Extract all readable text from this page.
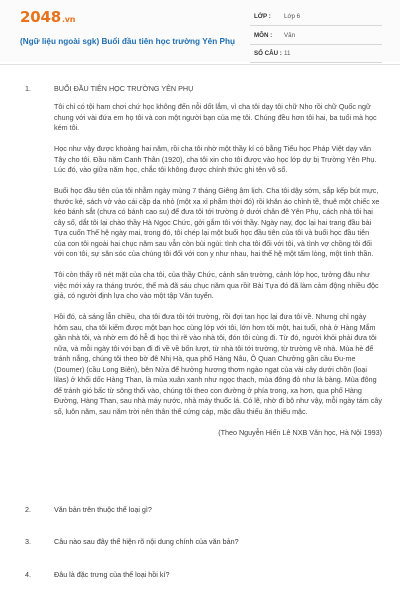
2048.vn
(Ngữ liệu ngoài sgk) Buổi đầu tiên học trường Yên Phụ
LỚP : Lớp 6
MÔN : Văn
SỐ CÂU : 11
1.	BUỔI ĐẦU TIÊN HỌC TRƯỜNG YÊN PHỤ

Tôi chỉ có tội ham chơi chứ học không đến nỗi dốt lắm, vì cha tôi dạy tôi chữ Nho rồi chữ Quốc ngữ chung với vài đứa em họ tôi và con một người bạn của mẹ tôi. Chúng đều hơn tôi hai, ba tuổi mà học kém tôi.

Học như vậy được khoảng hai năm, rồi cha tôi nhờ một thầy kí có bằng Tiểu học Pháp Việt dạy văn Tây cho tôi. Đầu năm Canh Thân (1920), cha tôi xin cho tôi được vào học lớp dự bị Trường Yên Phụ. Lúc đó, vào giữa năm học, chắc tôi không được chính thức ghi tên vô sổ.

Buổi học đầu tiên của tôi nhằm ngày mùng 7 tháng Giêng âm lịch. Cha tôi dậy sớm, sắp kếp bút mực, thước kẻ, sách vở vào cái cặp da nhỏ (một xa xỉ phẩm thời đó) rồi khăn áo chỉnh tề, thuê một chiếc xe kéo bánh sắt (chưa có bánh cao su) để đưa tôi tới trường ở dưới chân đê Yên Phụ, cách nhà tôi hai cây số, dắt tôi lại chào thầy Hà Ngọc Chức, gởi gắm tôi với thầy. Ngày nay, đọc lại hai trang đầu bài Tựa cuốn Thế hệ ngày mai, trong đó, tôi chép lại một buổi học đầu tiên của tôi và buổi học đầu tiên của con tôi ngoài hai chục năm sau vẫn còn bùi ngùi: tình cha tôi đối với tôi, và tình vợ chồng tôi đối với con tôi, sự săn sóc của chúng tôi đối với con y như nhau, hai thế hệ một tấm lòng, một tình thần.

Tôi còn thấy rõ nét mặt của cha tôi, của thầy Chức, cảnh sân trường, cảnh lớp học, tưởng đâu như việc mới xảy ra tháng trước, thế mà đã sáu chục năm qua rồi! Bài Tựa đó đã làm cảm động nhiều độc giả, có người định lựa cho vào một tập Văn tuyển.

Hồi đó, cả sáng lẫn chiều, cha tôi đưa tôi tới trường, rồi đợi tan học lại đưa tôi về. Nhưng chỉ ngày hôm sau, cha tôi kiếm được một bạn học cùng lớp với tôi, lớn hơn tôi một, hai tuổi, nhà ở Hàng Mắm gần nhà tôi, và nhờ em đó hễ đi học thì rẽ vào nhà tôi, đón tôi cùng đi. Từ đó, người khỏi phải đưa tôi nữa, và mỗi ngày tôi với bạn đi đi về về bốn lượt, từ nhà tôi tới trường, từ trường về nhà. Mùa hè để tránh nắng, chúng tôi theo bờ đê Nhị Hà, qua phố Hàng Nâu, Ô Quan Chưởng gần cầu Đu-me (Doumer) (cầu Long Biên), bên Nửa để hưởng hương thơm ngào ngạt của vài cây dưới chồn (loại lilas) ở khối dốc Hàng Than, là mùa xuân xanh như ngọc thạch, mùa đông đỏ như là bàng. Mùa đông để tránh gió bấc từ sông thổi vào, chúng tôi theo con đường ở phía trong, xa hơn, qua phố Hàng Đường, Hàng Than, sau nhà máy nước, nhà máy thuốc lá. Có lẽ, nhờ đi bộ như vậy, mỗi ngày tám cây số, luôn năm, sau năm trời nên thân thể cứng cáp, mặc dầu thiếu ăn thiếu mặc.

(Theo Nguyễn Hiến Lê NXB Văn học, Hà Nội 1993)

2.	Văn bản trên thuộc thể loại gì?
3.	Câu nào sau đây thể hiện rõ nội dung chính của văn bản?
4.	Đâu là đặc trưng của thể loại hồi kí?
